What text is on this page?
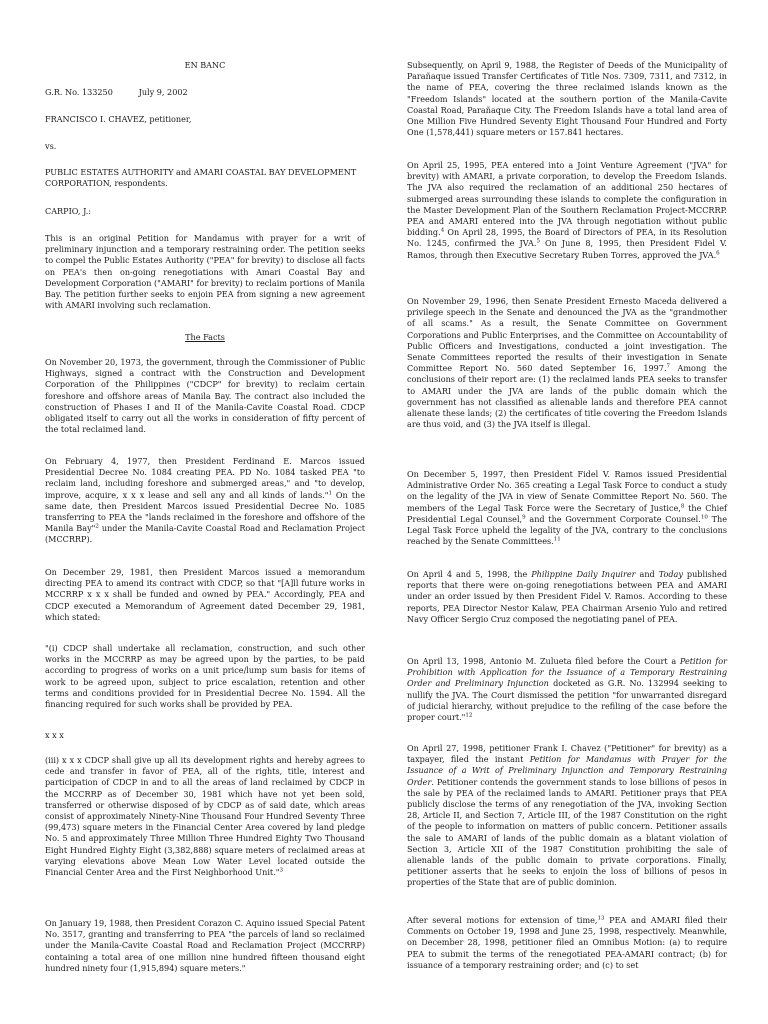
EN BANC

G.R. No. 133250          July 9, 2002

FRANCISCO I. CHAVEZ, petitioner,

vs.

PUBLIC ESTATES AUTHORITY and AMARI COASTAL BAY DEVELOPMENT CORPORATION, respondents.

CARPIO, J.:

This is an original Petition for Mandamus with prayer for a writ of preliminary injunction and a temporary restraining order. The petition seeks to compel the Public Estates Authority ("PEA" for brevity) to disclose all facts on PEA's then on-going renegotiations with Amari Coastal Bay and Development Corporation ("AMARI" for brevity) to reclaim portions of Manila Bay. The petition further seeks to enjoin PEA from signing a new agreement with AMARI involving such reclamation.

The Facts

On November 20, 1973, the government, through the Commissioner of Public Highways, signed a contract with the Construction and Development Corporation of the Philippines ("CDCP" for brevity) to reclaim certain foreshore and offshore areas of Manila Bay. The contract also included the construction of Phases I and II of the Manila-Cavite Coastal Road. CDCP obligated itself to carry out all the works in consideration of fifty percent of the total reclaimed land.

On February 4, 1977, then President Ferdinand E. Marcos issued Presidential Decree No. 1084 creating PEA. PD No. 1084 tasked PEA "to reclaim land, including foreshore and submerged areas," and "to develop, improve, acquire, x x x lease and sell any and all kinds of lands."$^1$ On the same date, then President Marcos issued Presidential Decree No. 1085 transferring to PEA the "lands reclaimed in the foreshore and offshore of the Manila Bay"$^2$ under the Manila-Cavite Coastal Road and Reclamation Project (MCCRRP).

On December 29, 1981, then President Marcos issued a memorandum directing PEA to amend its contract with CDCP, so that "[A]ll future works in MCCRRP x x x shall be funded and owned by PEA." Accordingly, PEA and CDCP executed a Memorandum of Agreement dated December 29, 1981, which stated:

"(i) CDCP shall undertake all reclamation, construction, and such other works in the MCCRRP as may be agreed upon by the parties, to be paid according to progress of works on a unit price/lump sum basis for items of work to be agreed upon, subject to price escalation, retention and other terms and conditions provided for in Presidential Decree No. 1594. All the financing required for such works shall be provided by PEA.

x x x

(iii) x x x CDCP shall give up all its development rights and hereby agrees to cede and transfer in favor of PEA, all of the rights, title, interest and participation of CDCP in and to all the areas of land reclaimed by CDCP in the MCCRRP as of December 30, 1981 which have not yet been sold, transferred or otherwise disposed of by CDCP as of said date, which areas consist of approximately Ninety-Nine Thousand Four Hundred Seventy Three (99,473) square meters in the Financial Center Area covered by land pledge No. 5 and approximately Three Million Three Hundred Eighty Two Thousand Eight Hundred Eighty Eight (3,382,888) square meters of reclaimed areas at varying elevations above Mean Low Water Level located outside the Financial Center Area and the First Neighborhood Unit."$^3$

On January 19, 1988, then President Corazon C. Aquino issued Special Patent No. 3517, granting and transferring to PEA "the parcels of land so reclaimed under the Manila-Cavite Coastal Road and Reclamation Project (MCCRRP) containing a total area of one million nine hundred fifteen thousand eight hundred ninety four (1,915,894) square meters."

Subsequently, on April 9, 1988, the Register of Deeds of the Municipality of Parañaque issued Transfer Certificates of Title Nos. 7309, 7311, and 7312, in the name of PEA, covering the three reclaimed islands known as the "Freedom Islands" located at the southern portion of the Manila-Cavite Coastal Road, Parañaque City. The Freedom Islands have a total land area of One Million Five Hundred Seventy Eight Thousand Four Hundred and Forty One (1,578,441) square meters or 157.841 hectares.

On April 25, 1995, PEA entered into a Joint Venture Agreement ("JVA" for brevity) with AMARI, a private corporation, to develop the Freedom Islands. The JVA also required the reclamation of an additional 250 hectares of submerged areas surrounding these islands to complete the configuration in the Master Development Plan of the Southern Reclamation Project-MCCRRP. PEA and AMARI entered into the JVA through negotiation without public bidding.$^4$ On April 28, 1995, the Board of Directors of PEA, in its Resolution No. 1245, confirmed the JVA.$^5$ On June 8, 1995, then President Fidel V. Ramos, through then Executive Secretary Ruben Torres, approved the JVA.$^6$

On November 29, 1996, then Senate President Ernesto Maceda delivered a privilege speech in the Senate and denounced the JVA as the "grandmother of all scams." As a result, the Senate Committee on Government Corporations and Public Enterprises, and the Committee on Accountability of Public Officers and Investigations, conducted a joint investigation. The Senate Committees reported the results of their investigation in Senate Committee Report No. 560 dated September 16, 1997.$^7$ Among the conclusions of their report are: (1) the reclaimed lands PEA seeks to transfer to AMARI under the JVA are lands of the public domain which the government has not classified as alienable lands and therefore PEA cannot alienate these lands; (2) the certificates of title covering the Freedom Islands are thus void, and (3) the JVA itself is illegal.

On December 5, 1997, then President Fidel V. Ramos issued Presidential Administrative Order No. 365 creating a Legal Task Force to conduct a study on the legality of the JVA in view of Senate Committee Report No. 560. The members of the Legal Task Force were the Secretary of Justice,$^8$ the Chief Presidential Legal Counsel,$^9$ and the Government Corporate Counsel.$^{10}$ The Legal Task Force upheld the legality of the JVA, contrary to the conclusions reached by the Senate Committees.$^{11}$

On April 4 and 5, 1998, the Philippine Daily Inquirer and Today published reports that there were on-going renegotiations between PEA and AMARI under an order issued by then President Fidel V. Ramos. According to these reports, PEA Director Nestor Kalaw, PEA Chairman Arsenio Yulo and retired Navy Officer Sergio Cruz composed the negotiating panel of PEA.

On April 13, 1998, Antonio M. Zulueta filed before the Court a Petition for Prohibition with Application for the Issuance of a Temporary Restraining Order and Preliminary Injunction docketed as G.R. No. 132994 seeking to nullify the JVA. The Court dismissed the petition "for unwarranted disregard of judicial hierarchy, without prejudice to the refiling of the case before the proper court."$^{12}$

On April 27, 1998, petitioner Frank I. Chavez ("Petitioner" for brevity) as a taxpayer, filed the instant Petition for Mandamus with Prayer for the Issuance of a Writ of Preliminary Injunction and Temporary Restraining Order. Petitioner contends the government stands to lose billions of pesos in the sale by PEA of the reclaimed lands to AMARI. Petitioner prays that PEA publicly disclose the terms of any renegotiation of the JVA, invoking Section 28, Article II, and Section 7, Article III, of the 1987 Constitution on the right of the people to information on matters of public concern. Petitioner assails the sale to AMARI of lands of the public domain as a blatant violation of Section 3, Article XII of the 1987 Constitution prohibiting the sale of alienable lands of the public domain to private corporations. Finally, petitioner asserts that he seeks to enjoin the loss of billions of pesos in properties of the State that are of public dominion.

After several motions for extension of time,$^{13}$ PEA and AMARI filed their Comments on October 19, 1998 and June 25, 1998, respectively. Meanwhile, on December 28, 1998, petitioner filed an Omnibus Motion: (a) to require PEA to submit the terms of the renegotiated PEA-AMARI contract; (b) for issuance of a temporary restraining order; and (c) to set
